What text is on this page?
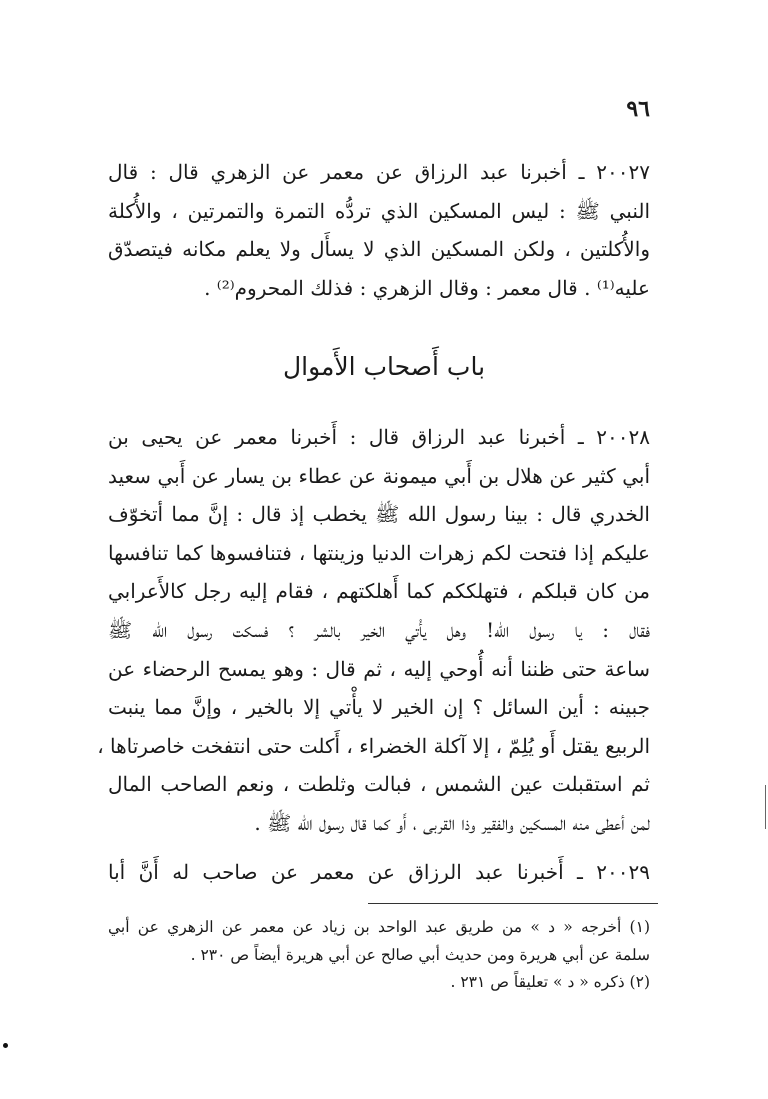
٩٦
٢٠٠٢٧ ـ أخبرنا عبد الرزاق عن معمر عن الزهري قال : قال
النبي ﷺ : ليس المسكين الذي تردُّه التمرة والتمرتين ، والأُكلة
والأُكلتين ، ولكن المسكين الذي لا يسأَل ولا يعلم مكانه فيتصدّق
عليه⁽¹⁾ . قال معمر : وقال الزهري : فذلك المحروم⁽²⁾ .
باب أَصحاب الأَموال
٢٠٠٢٨ ـ أخبرنا عبد الرزاق قال : أَخبرنا معمر عن يحيى بن
أبي كثير عن هلال بن أَبي ميمونة عن عطاء بن يسار عن أَبي سعيد
الخدري قال : بينا رسول الله ﷺ يخطب إذ قال : إنَّ مما أتخوّف
عليكم إذا فتحت لكم زهرات الدنيا وزينتها ، فتنافسوها كما تنافسها
من كان قبلكم ، فتهلككم كما أَهلكتهم ، فقام إليه رجل كالأَعرابي
فقال : يا رسول الله! وهل يأْتي الخير بالشر ؟ فسكت رسول الله ﷺ
ساعة حتى ظننا أنه أُوحي إليه ، ثم قال : وهو يمسح الرحضاء عن
جبينه : أين السائل ؟ إن الخير لا يأْتي إلا بالخير ، وإنَّ مما ينبت
الربيع يقتل أَو يُلِمّ ، إلا آكلة الخضراء ، أَكلت حتى انتفخت خاصرتاها ،
ثم استقبلت عين الشمس ، فبالت وثلطت ، ونعم الصاحب المال
لمن أعطى منه المسكين والفقير وذا القربى ، أَو كما قال رسول الله ﷺ .
٢٠٠٢٩ ـ أَخبرنا عبد الرزاق عن معمر عن صاحب له أَنَّ أبا
(١) أخرجه « د » من طريق عبد الواحد بن زياد عن معمر عن الزهري عن أبي
سلمة عن أبي هريرة ومن حديث أبي صالح عن أبي هريرة أيضاً ص ٢٣٠ .
(٢) ذكره « د » تعليقاً ص ٢٣١ .
